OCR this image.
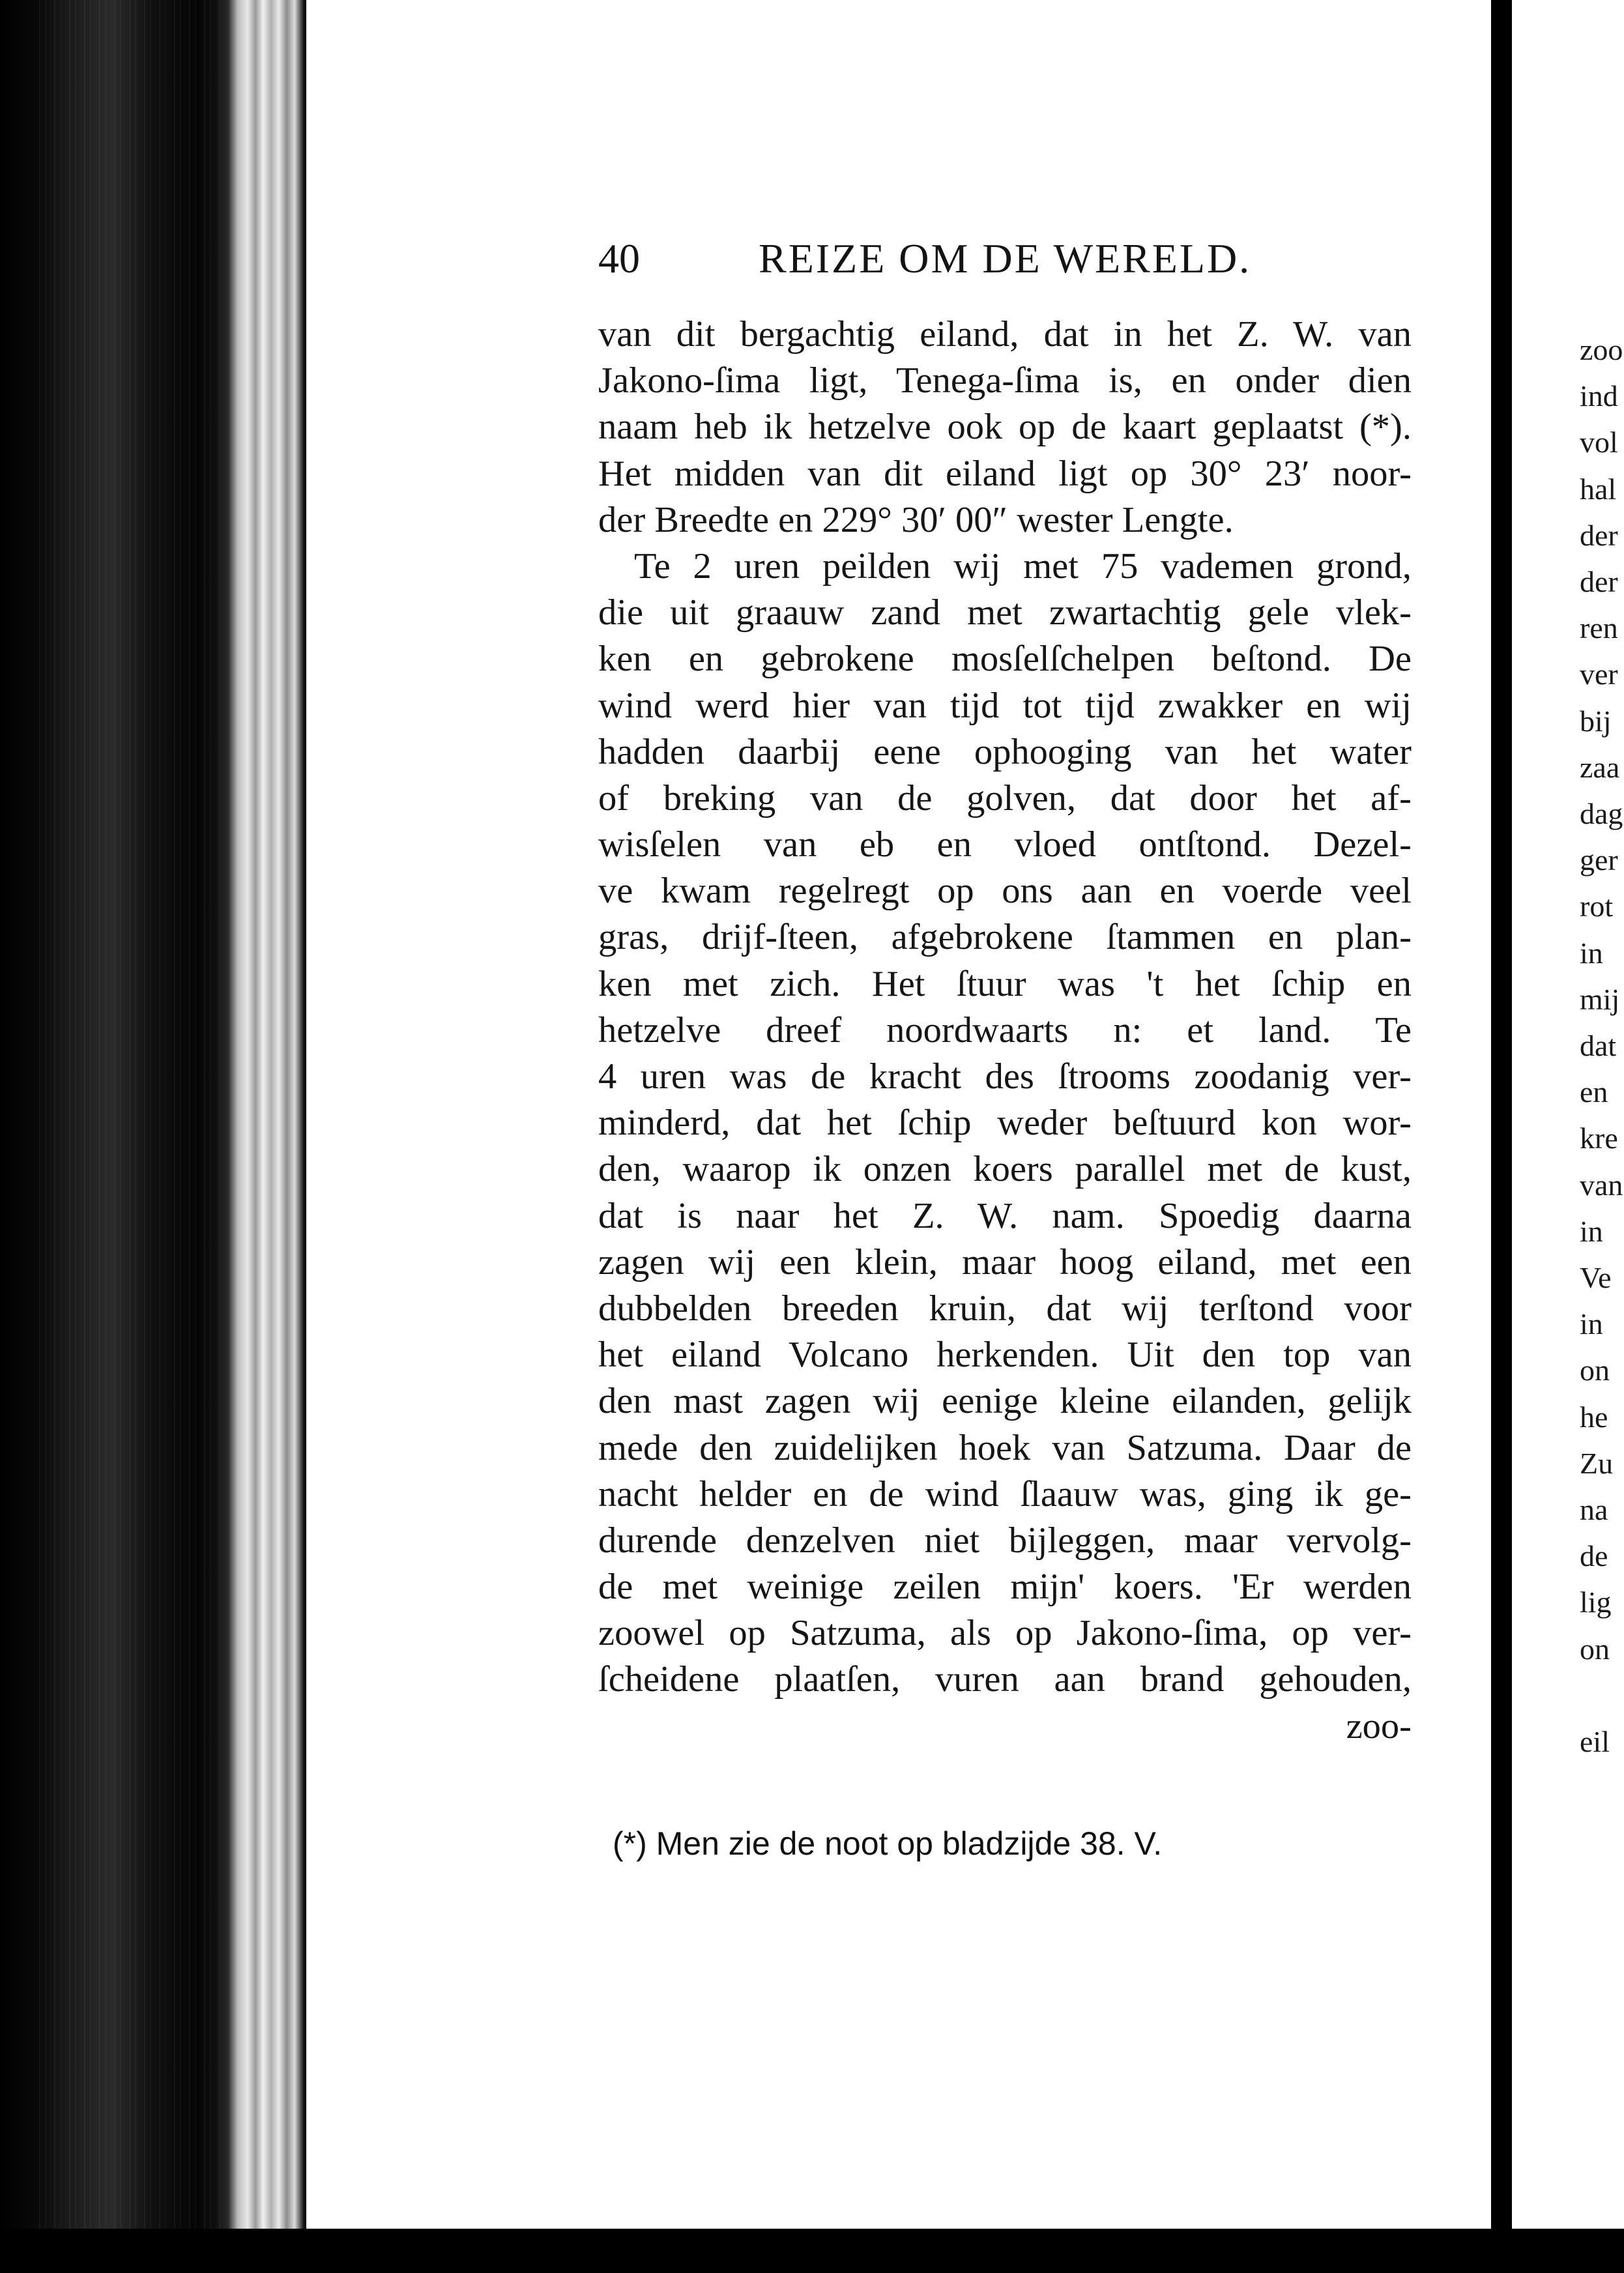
40	REIZE OM DE WERELD.
van dit bergachtig eiland, dat in het Z. W. van
Jakono-ſima ligt, Tenega-ſima is, en onder dien
naam heb ik hetzelve ook op de kaart geplaatst (*).
Het midden van dit eiland ligt op 30° 23′ noor-
der Breedte en 229° 30′ 00″ wester Lengte.
Te 2 uren peilden wij met 75 vademen grond,
die uit graauw zand met zwartachtig gele vlek-
ken en gebrokene mosſelſchelpen beſtond. De
wind werd hier van tijd tot tijd zwakker en wij
hadden daarbij eene ophooging van het water
of breking van de golven, dat door het af-
wisſelen van eb en vloed ontſtond. Dezel-
ve kwam regelregt op ons aan en voerde veel
gras, drijf-ſteen, afgebrokene ſtammen en plan-
ken met zich. Het ſtuur was 't het ſchip en
hetzelve dreef noordwaarts n: et land. Te
4 uren was de kracht des ſtrooms zoodanig ver-
minderd, dat het ſchip weder beſtuurd kon wor-
den, waarop ik onzen koers parallel met de kust,
dat is naar het Z. W. nam. Spoedig daarna
zagen wij een klein, maar hoog eiland, met een
dubbelden breeden kruin, dat wij terſtond voor
het eiland Volcano herkenden. Uit den top van
den mast zagen wij eenige kleine eilanden, gelijk
mede den zuidelijken hoek van Satzuma. Daar de
nacht helder en de wind ſlaauw was, ging ik ge-
durende denzelven niet bijleggen, maar vervolg-
de met weinige zeilen mijn' koers. 'Er werden
zoowel op Satzuma, als op Jakono-ſima, op ver-
ſcheidene plaatſen, vuren aan brand gehouden,
zoo-
(*) Men zie de noot op bladzijde 38. V.
zoo
ind
vol
hal
der
der
ren
ver
bij
zaa
dag
ger
rot
in
mij
dat
en
kre
van
in
Ve
in
on
he
Zu
na
de
lig
on
eil
